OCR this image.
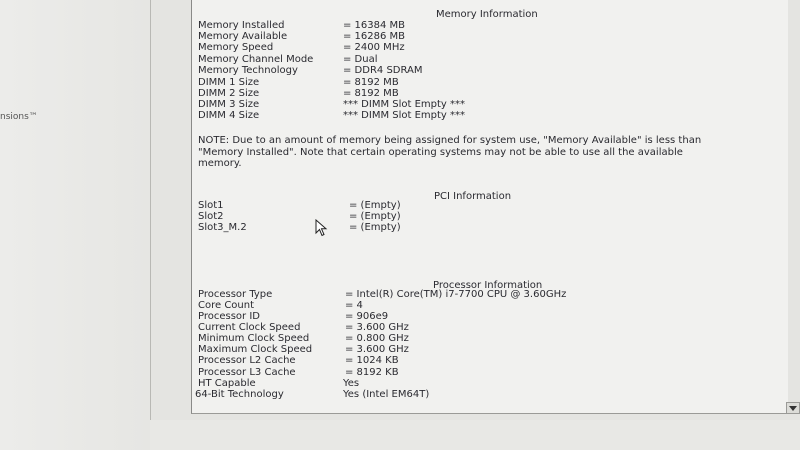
nsions™
Memory Information
Memory Installed	= 16384 MB
Memory Available	= 16286 MB
Memory Speed	= 2400 MHz
Memory Channel Mode	= Dual
Memory Technology	= DDR4 SDRAM
DIMM 1 Size	= 8192 MB
DIMM 2 Size	= 8192 MB
DIMM 3 Size	*** DIMM Slot Empty ***
DIMM 4 Size	*** DIMM Slot Empty ***
NOTE: Due to an amount of memory being assigned for system use, "Memory Available" is less than "Memory Installed". Note that certain operating systems may not be able to use all the available memory.
PCI Information
Slot1	= (Empty)
Slot2	= (Empty)
Slot3_M.2	= (Empty)
Processor Information
Processor Type	= Intel(R) Core(TM) i7-7700 CPU @ 3.60GHz
Core Count	= 4
Processor ID	= 906e9
Current Clock Speed	= 3.600 GHz
Minimum Clock Speed	= 0.800 GHz
Maximum Clock Speed	= 3.600 GHz
Processor L2 Cache	= 1024 KB
Processor L3 Cache	= 8192 KB
HT Capable	Yes
64-Bit Technology	Yes (Intel EM64T)
